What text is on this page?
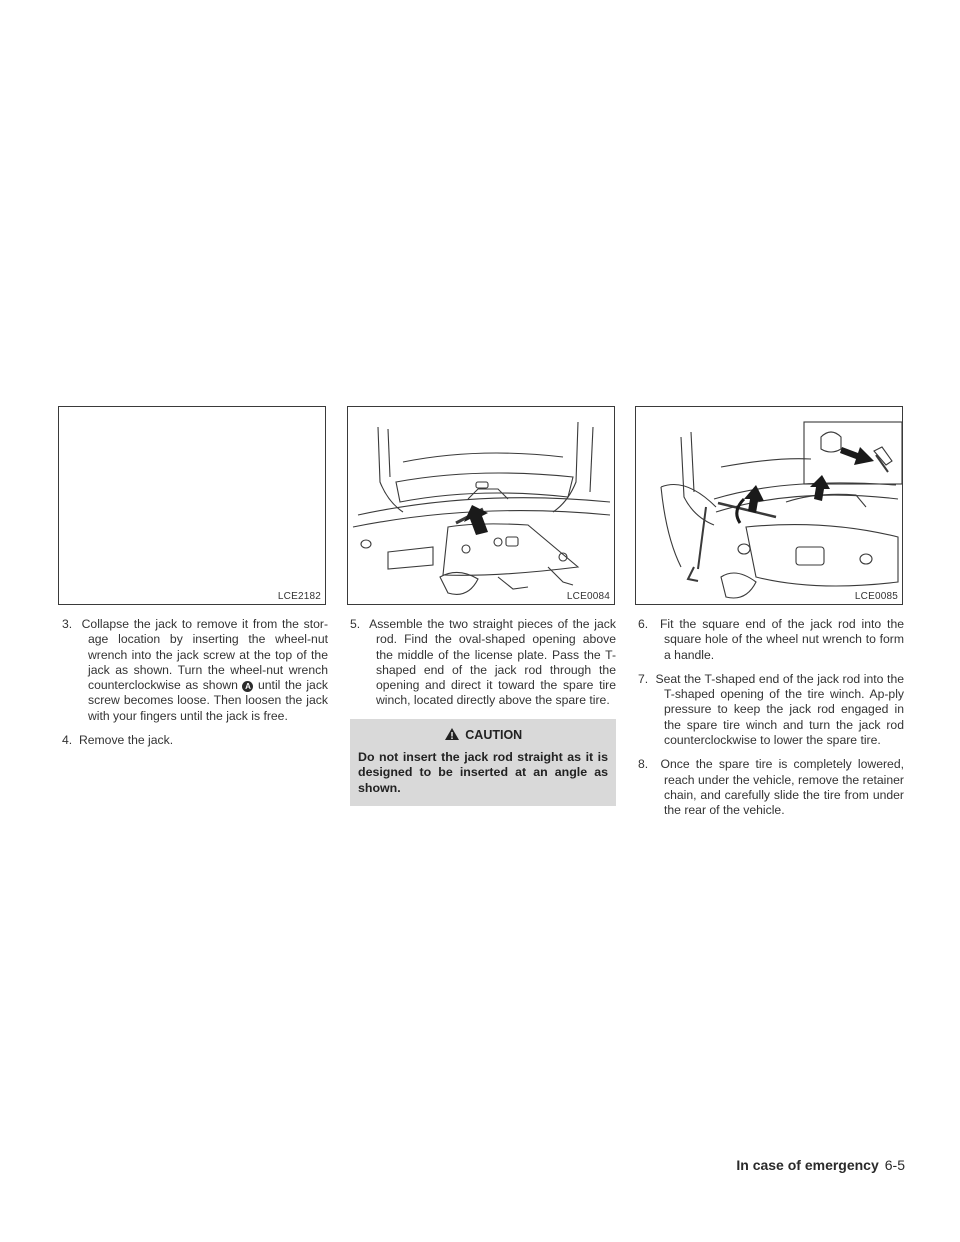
LCE2182	LCE0084	LCE0085

3. Collapse the jack to remove it from the stor-age location by inserting the wheel-nut wrench into the jack screw at the top of the jack as shown. Turn the wheel-nut wrench counterclockwise as shown A until the jack screw becomes loose. Then loosen the jack with your fingers until the jack is free.

4. Remove the jack.

5. Assemble the two straight pieces of the jack rod. Find the oval-shaped opening above the middle of the license plate. Pass the T-shaped end of the jack rod through the opening and direct it toward the spare tire winch, located directly above the spare tire.

CAUTION
Do not insert the jack rod straight as it is designed to be inserted at an angle as shown.

6. Fit the square end of the jack rod into the square hole of the wheel nut wrench to form a handle.

7. Seat the T-shaped end of the jack rod into the T-shaped opening of the tire winch. Ap-ply pressure to keep the jack rod engaged in the spare tire winch and turn the jack rod counterclockwise to lower the spare tire.

8. Once the spare tire is completely lowered, reach under the vehicle, remove the retainer chain, and carefully slide the tire from under the rear of the vehicle.

In case of emergency 6-5
